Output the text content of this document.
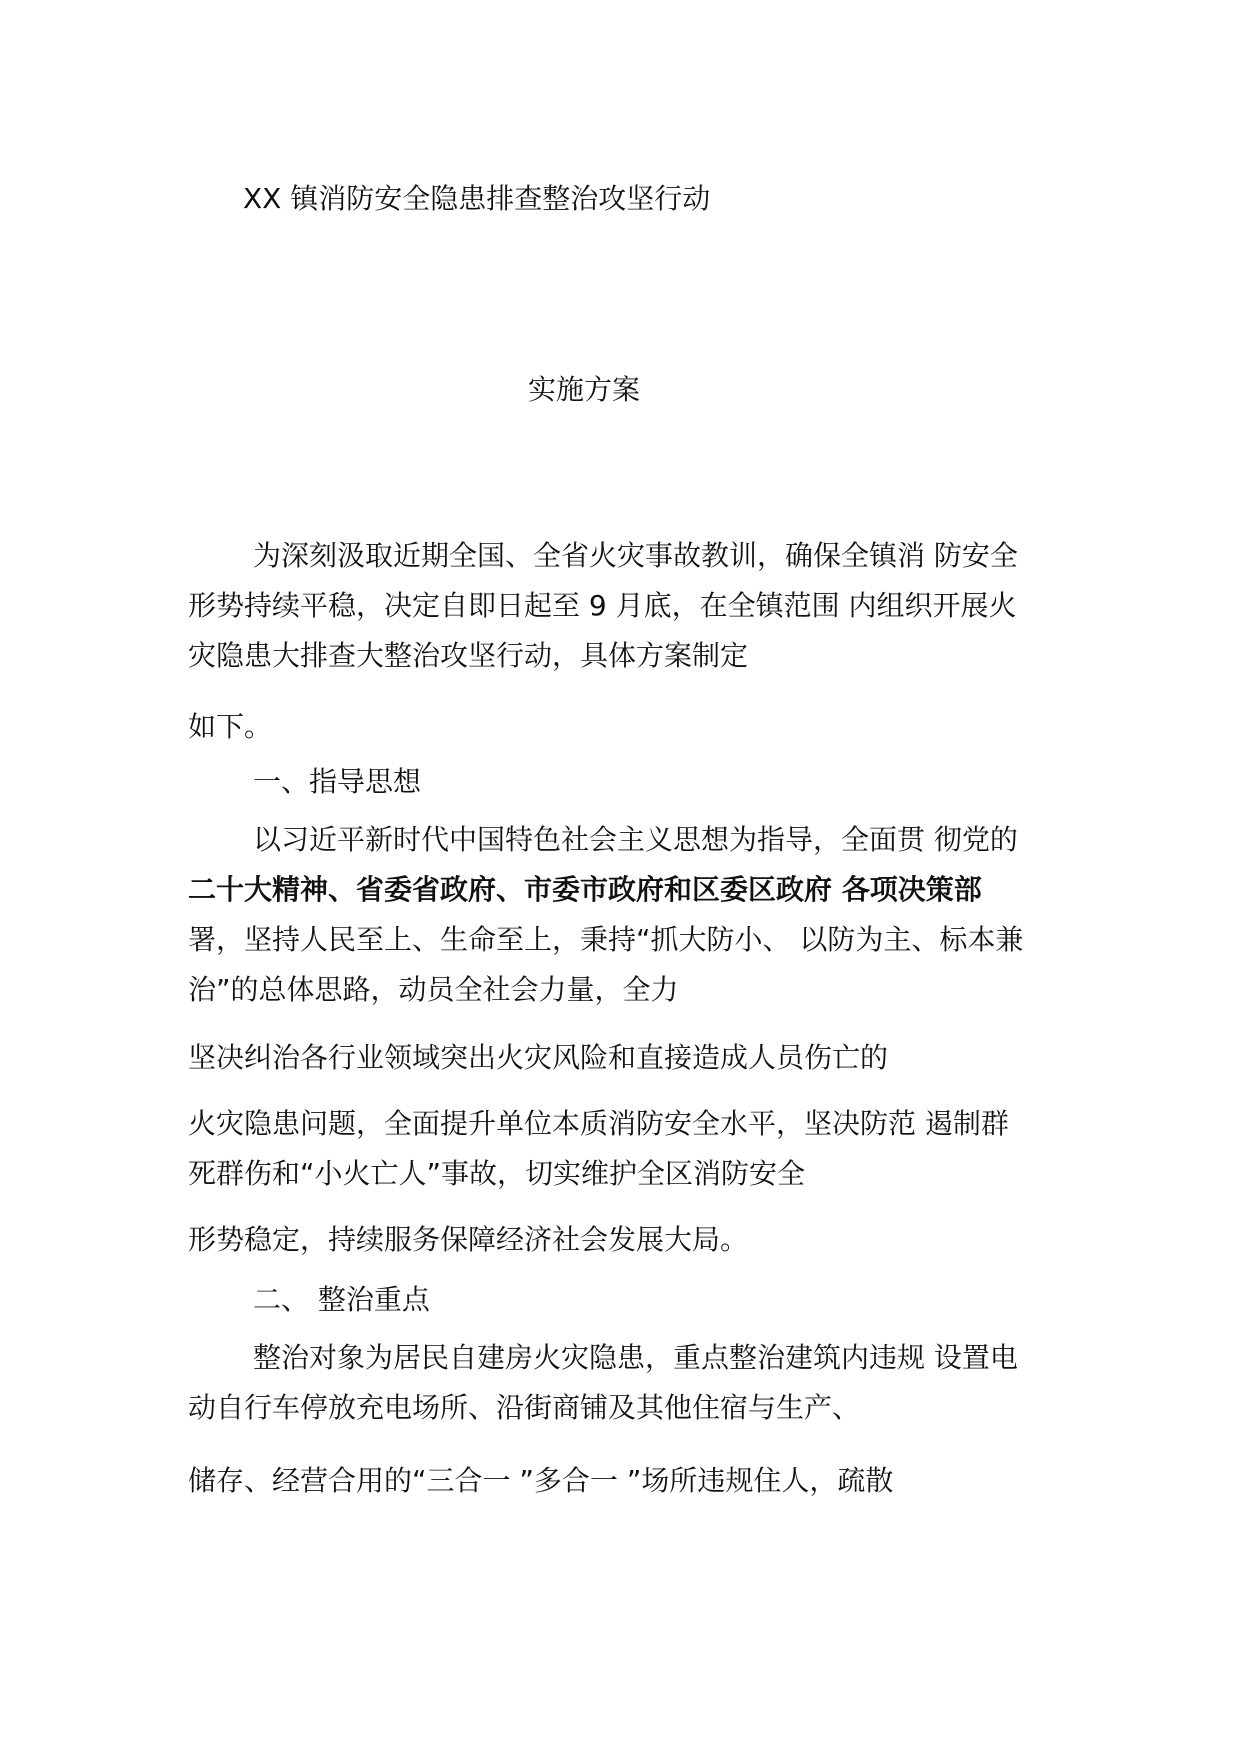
XX 镇消防安全隐患排查整治攻坚行动
实施方案
为深刻汲取近期全国、全省火灾事故教训，确保全镇消 防安全
形势持续平稳，决定自即日起至 9 月底，在全镇范围 内组织开展火
灾隐患大排查大整治攻坚行动，具体方案制定
如下。
一、指导思想
以习近平新时代中国特色社会主义思想为指导，全面贯 彻党的
二十大精神、省委省政府、市委市政府和区委区政府 各项决策部
署，坚持人民至上、生命至上，秉持“抓大防小、 以防为主、标本兼
治”的总体思路，动员全社会力量，全力
坚决纠治各行业领域突出火灾风险和直接造成人员伤亡的
火灾隐患问题，全面提升单位本质消防安全水平，坚决防范 遏制群
死群伤和“小火亡人”事故，切实维护全区消防安全
形势稳定，持续服务保障经济社会发展大局。
二、 整治重点
整治对象为居民自建房火灾隐患，重点整治建筑内违规 设置电
动自行车停放充电场所、沿街商铺及其他住宿与生产、
储存、经营合用的“三合一 ”多合一 ”场所违规住人，疏散
